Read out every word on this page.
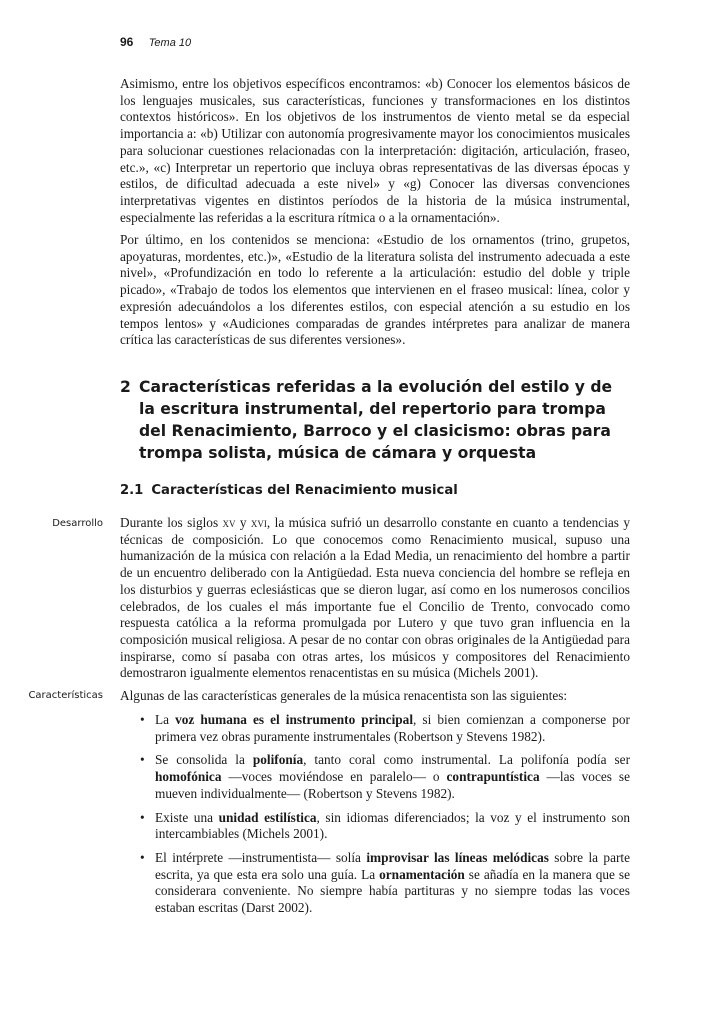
96 Tema 10

Asimismo, entre los objetivos específicos encontramos: «b) Conocer los elementos básicos de los lenguajes musicales, sus características, funciones y transformaciones en los distintos contextos históricos». En los objetivos de los instrumentos de viento metal se da especial importancia a: «b) Utilizar con autonomía progresivamente mayor los conocimientos musicales para solucionar cuestiones relacionadas con la interpretación: digitación, articulación, fraseo, etc.», «c) Interpretar un repertorio que incluya obras representativas de las diversas épocas y estilos, de dificultad adecuada a este nivel» y «g) Conocer las diversas convenciones interpretativas vigentes en distintos períodos de la historia de la música instrumental, especialmente las referidas a la escritura rítmica o a la ornamentación».

Por último, en los contenidos se menciona: «Estudio de los ornamentos (trino, grupetos, apoyaturas, mordentes, etc.)», «Estudio de la literatura solista del instrumento adecuada a este nivel», «Profundización en todo lo referente a la articulación: estudio del doble y triple picado», «Trabajo de todos los elementos que intervienen en el fraseo musical: línea, color y expresión adecuándolos a los diferentes estilos, con especial atención a su estudio en los tempos lentos» y «Audiciones comparadas de grandes intérpretes para analizar de manera crítica las características de sus diferentes versiones».

2 Características referidas a la evolución del estilo y de la escritura instrumental, del repertorio para trompa del Renacimiento, Barroco y el clasicismo: obras para trompa solista, música de cámara y orquesta
2.1 Características del Renacimiento musical
Desarrollo Durante los siglos xv y xvi, la música sufrió un desarrollo constante en cuanto a tendencias y técnicas de composición. Lo que conocemos como Renacimiento musical, supuso una humanización de la música con relación a la Edad Media, un renacimiento del hombre a partir de un encuentro deliberado con la Antigüedad. Esta nueva conciencia del hombre se refleja en los disturbios y guerras eclesiásticas que se dieron lugar, así como en los numerosos concilios celebrados, de los cuales el más importante fue el Concilio de Trento, convocado como respuesta católica a la reforma promulgada por Lutero y que tuvo gran influencia en la composición musical religiosa. A pesar de no contar con obras originales de la Antigüedad para inspirarse, como sí pasaba con otras artes, los músicos y compositores del Renacimiento demostraron igualmente elementos renacentistas en su música (Michels 2001).

Características Algunas de las características generales de la música renacentista son las siguientes:

• La voz humana es el instrumento principal, si bien comienzan a componerse por primera vez obras puramente instrumentales (Robertson y Stevens 1982).
• Se consolida la polifonía, tanto coral como instrumental. La polifonía podía ser homofónica —voces moviéndose en paralelo— o contrapuntística —las voces se mueven individualmente— (Robertson y Stevens 1982).
• Existe una unidad estilística, sin idiomas diferenciados; la voz y el instrumento son intercambiables (Michels 2001).
• El intérprete —instrumentista— solía improvisar las líneas melódicas sobre la parte escrita, ya que esta era solo una guía. La ornamentación se añadía en la manera que se considerara conveniente. No siempre había partituras y no siempre todas las voces estaban escritas (Darst 2002).
